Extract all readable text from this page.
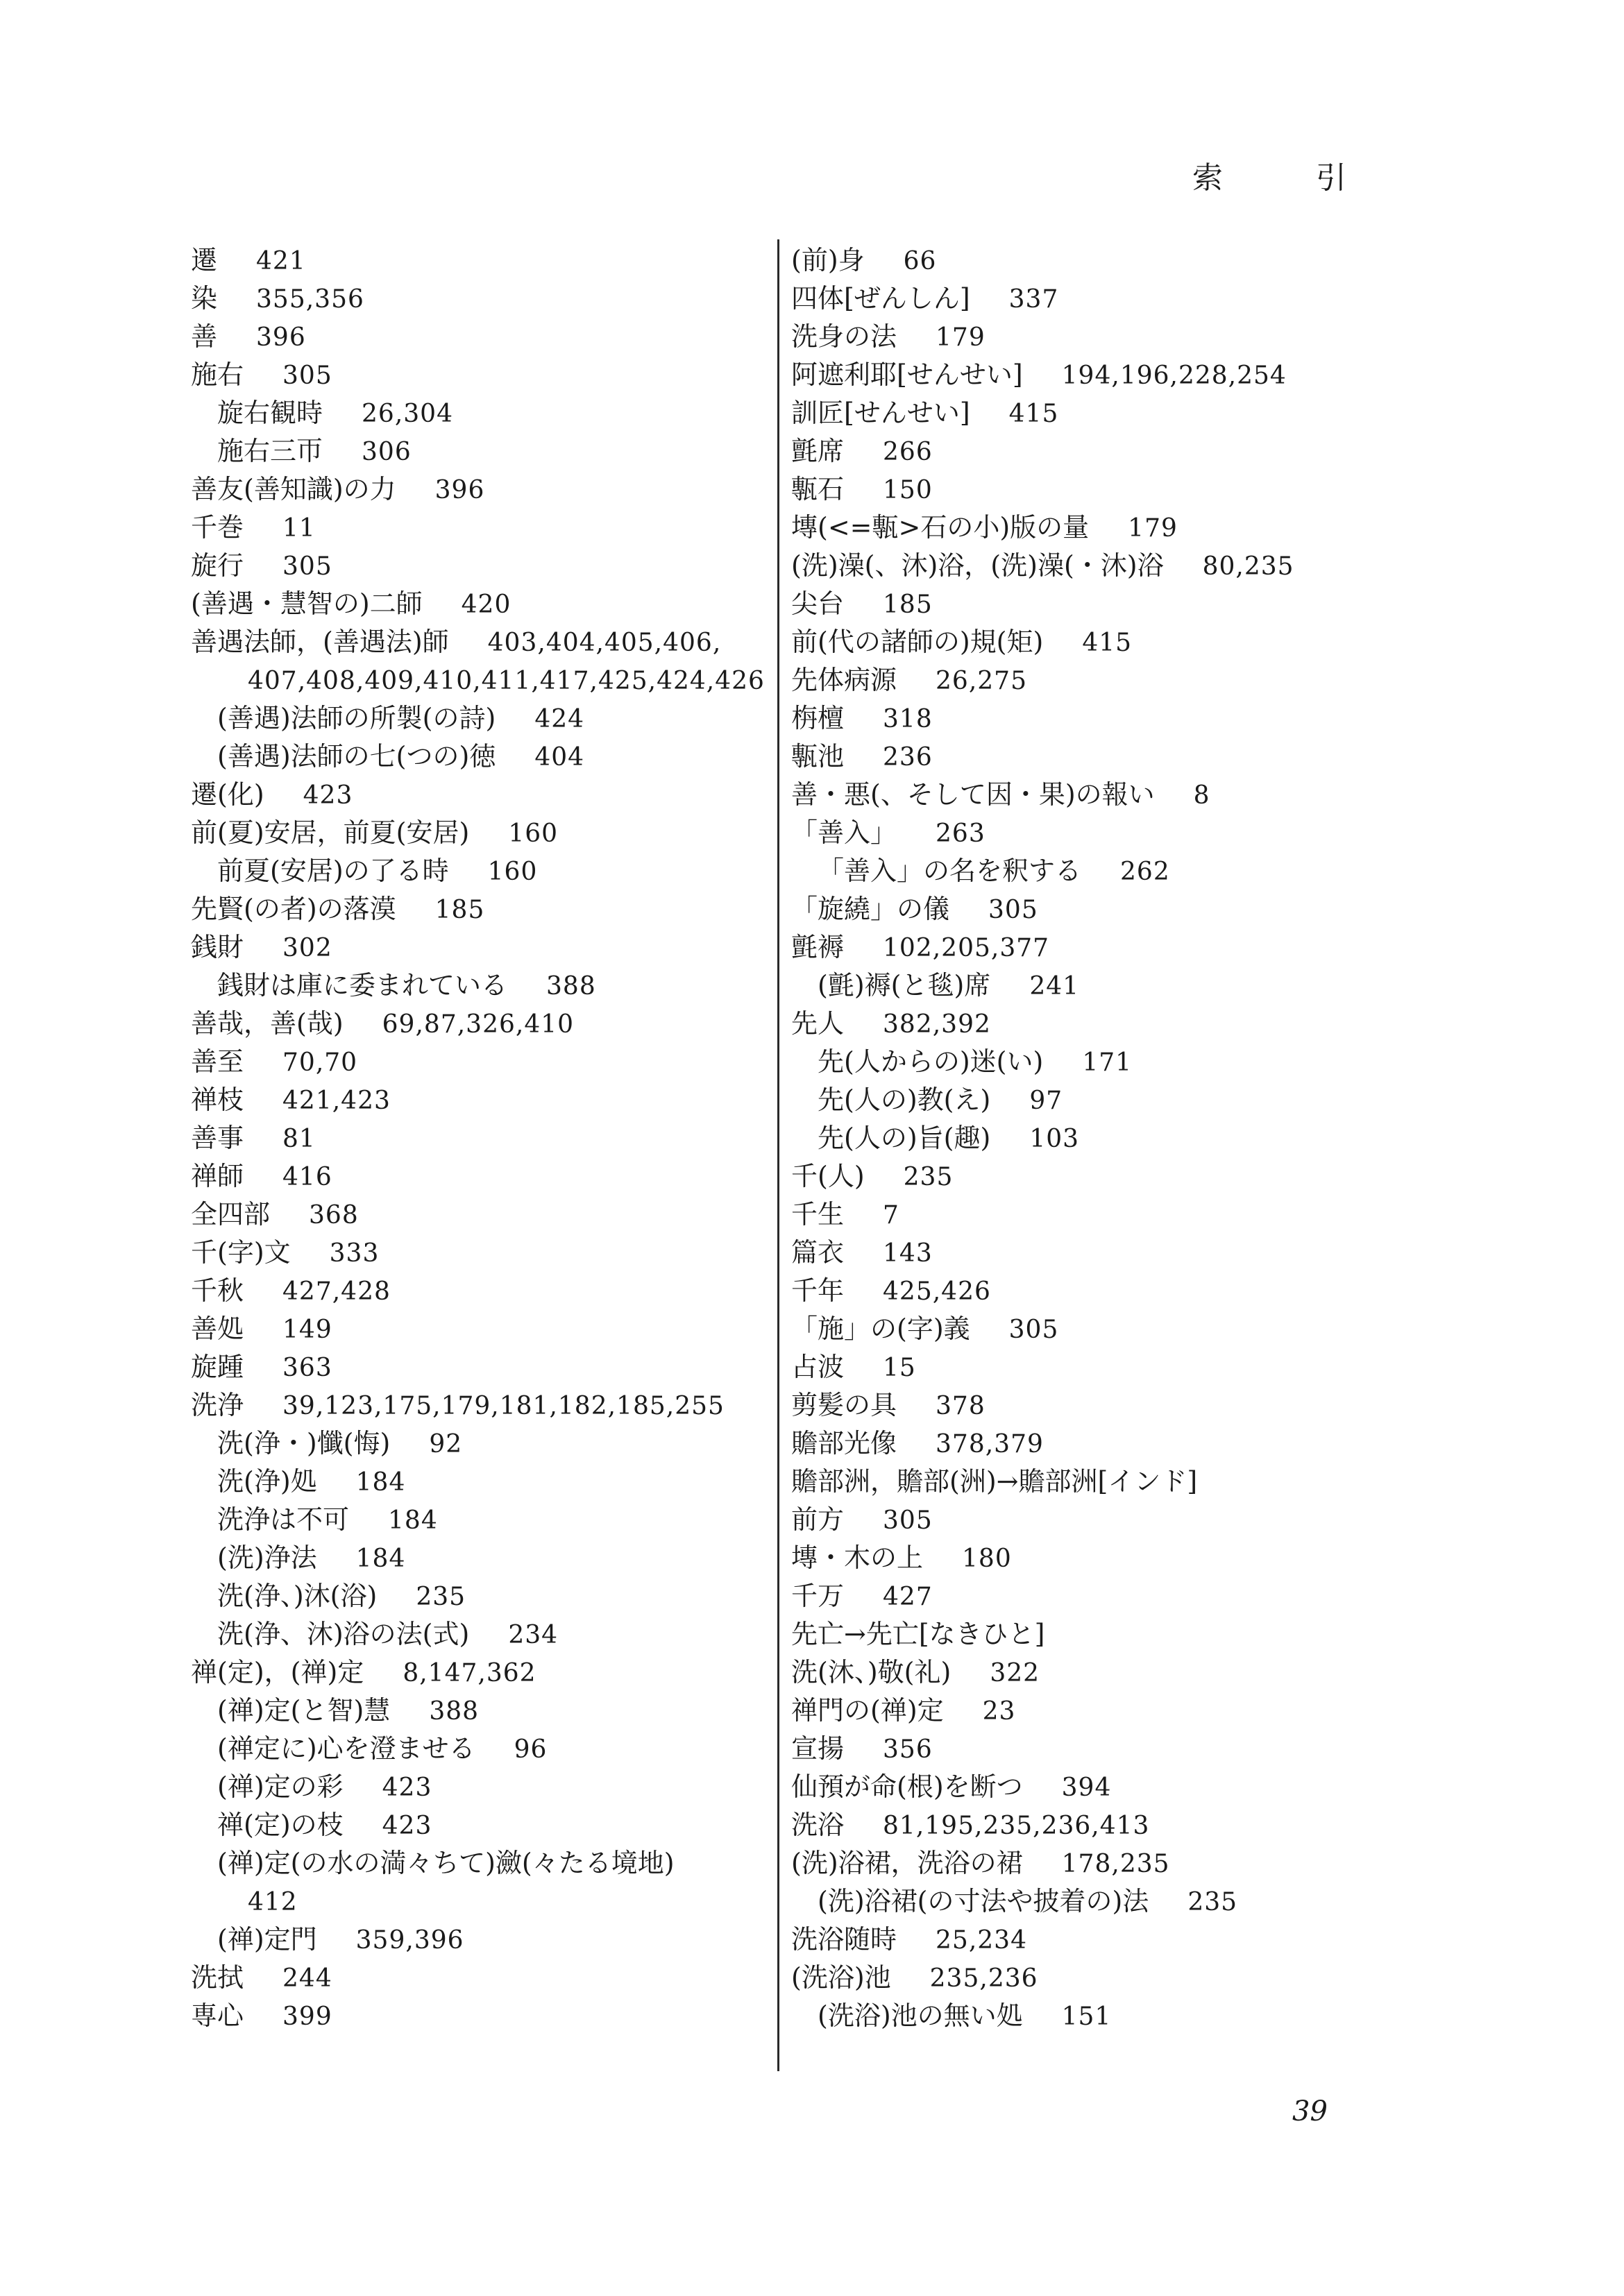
索 引
遷 421
染 355,356
善 396
施右 305
旋右観時 26,304
施右三帀 306
善友(善知識)の力 396
千巻 11
旋行 305
(善遇・慧智の)二師 420
善遇法師，(善遇法)師 403,404,405,406,
407,408,409,410,411,417,425,424,426
(善遇)法師の所製(の詩) 424
(善遇)法師の七(つの)徳 404
遷(化) 423
前(夏)安居，前夏(安居) 160
前夏(安居)の了る時 160
先賢(の者)の落漠 185
銭財 302
銭財は庫に委まれている 388
善哉，善(哉) 69,87,326,410
善至 70,70
禅枝 421,423
善事 81
禅師 416
全四部 368
千(字)文 333
千秋 427,428
善処 149
旋踵 363
洗浄 39,123,175,179,181,182,185,255
洗(浄・)懺(悔) 92
洗(浄)処 184
洗浄は不可 184
(洗)浄法 184
洗(浄、)沐(浴) 235
洗(浄、沐)浴の法(式) 234
禅(定)，(禅)定 8,147,362
(禅)定(と智)慧 388
(禅定に)心を澄ませる 96
(禅)定の彩 423
禅(定)の枝 423
(禅)定(の水の満々ちて)瀲(々たる境地)
412
(禅)定門 359,396
洗拭 244
専心 399
(前)身 66
四体[ぜんしん] 337
洗身の法 179
阿遮利耶[せんせい] 194,196,228,254
訓匠[せんせい] 415
氈席 266
甎石 150
塼(<=甎>石の小)版の量 179
(洗)澡(、沐)浴，(洗)澡(・沐)浴 80,235
尖台 185
前(代の諸師の)規(矩) 415
先体病源 26,275
栴檀 318
甎池 236
善・悪(、そして因・果)の報い 8
「善入」 263
「善入」の名を釈する 262
「旋繞」の儀 305
氈褥 102,205,377
(氈)褥(と毯)席 241
先人 382,392
先(人からの)迷(い) 171
先(人の)教(え) 97
先(人の)旨(趣) 103
千(人) 235
千生 7
篇衣 143
千年 425,426
「施」の(字)義 305
占波 15
剪髪の具 378
贍部光像 378,379
贍部洲，贍部(洲)→贍部洲[インド]
前方 305
塼・木の上 180
千万 427
先亡→先亡[なきひと]
洗(沐、)敬(礼) 322
禅門の(禅)定 23
宣揚 356
仙預が命(根)を断つ 394
洗浴 81,195,235,236,413
(洗)浴裙，洗浴の裙 178,235
(洗)浴裙(の寸法や披着の)法 235
洗浴随時 25,234
(洗浴)池 235,236
(洗浴)池の無い処 151
39
